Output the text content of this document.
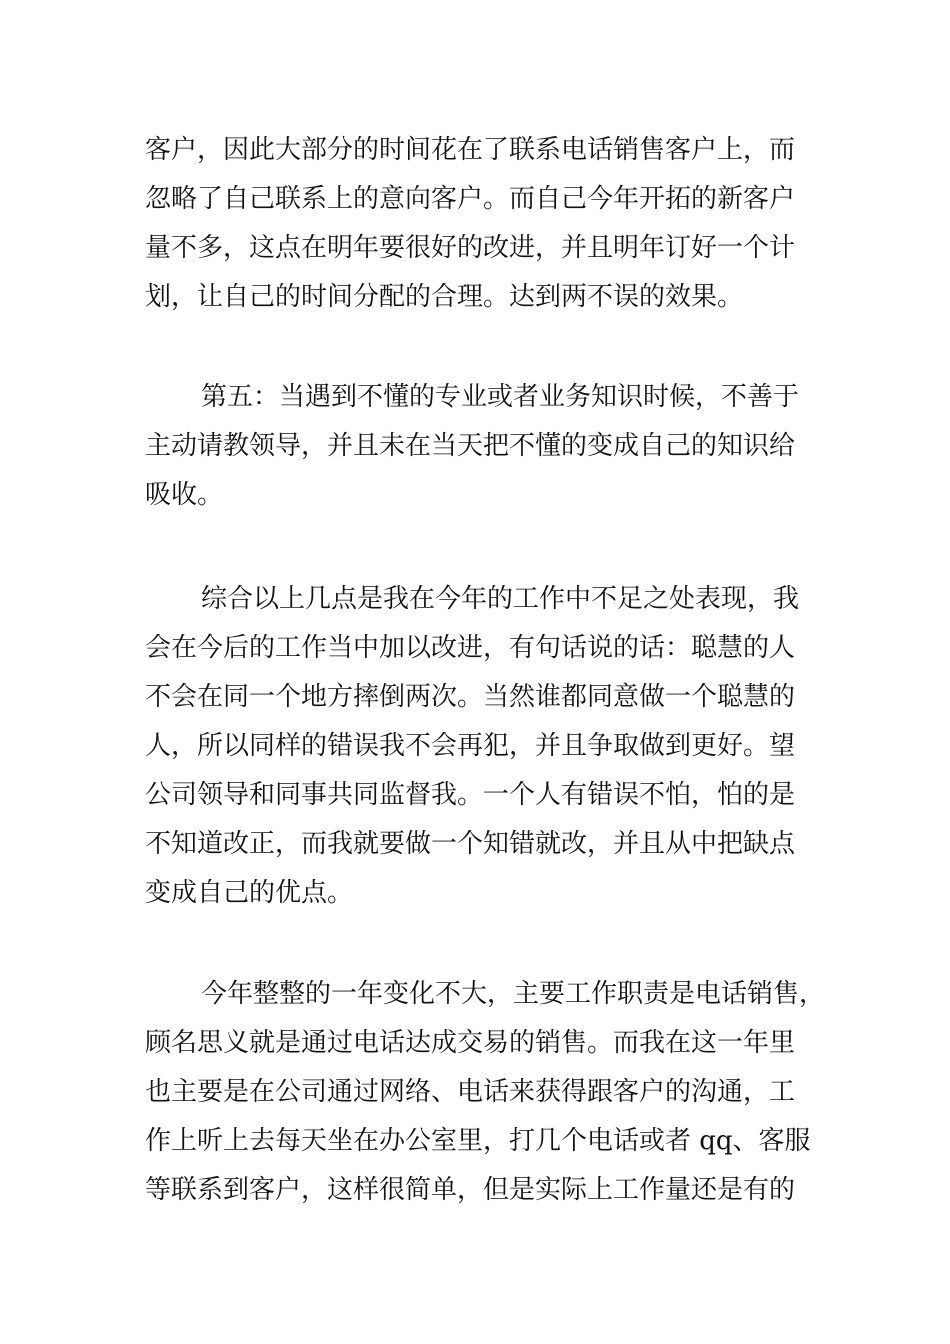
客户，因此大部分的时间花在了联系电话销售客户上，而
忽略了自己联系上的意向客户。而自己今年开拓的新客户
量不多，这点在明年要很好的改进，并且明年订好一个计
划，让自己的时间分配的合理。达到两不误的效果。
第五：当遇到不懂的专业或者业务知识时候，不善于
主动请教领导，并且未在当天把不懂的变成自己的知识给
吸收。
综合以上几点是我在今年的工作中不足之处表现，我
会在今后的工作当中加以改进，有句话说的话：聪慧的人
不会在同一个地方摔倒两次。当然谁都同意做一个聪慧的
人，所以同样的错误我不会再犯，并且争取做到更好。望
公司领导和同事共同监督我。一个人有错误不怕，怕的是
不知道改正，而我就要做一个知错就改，并且从中把缺点
变成自己的优点。
今年整整的一年变化不大，主要工作职责是电话销售，
顾名思义就是通过电话达成交易的销售。而我在这一年里
也主要是在公司通过网络、电话来获得跟客户的沟通，工
作上听上去每天坐在办公室里，打几个电话或者 qq、客服
等联系到客户，这样很简单，但是实际上工作量还是有的
